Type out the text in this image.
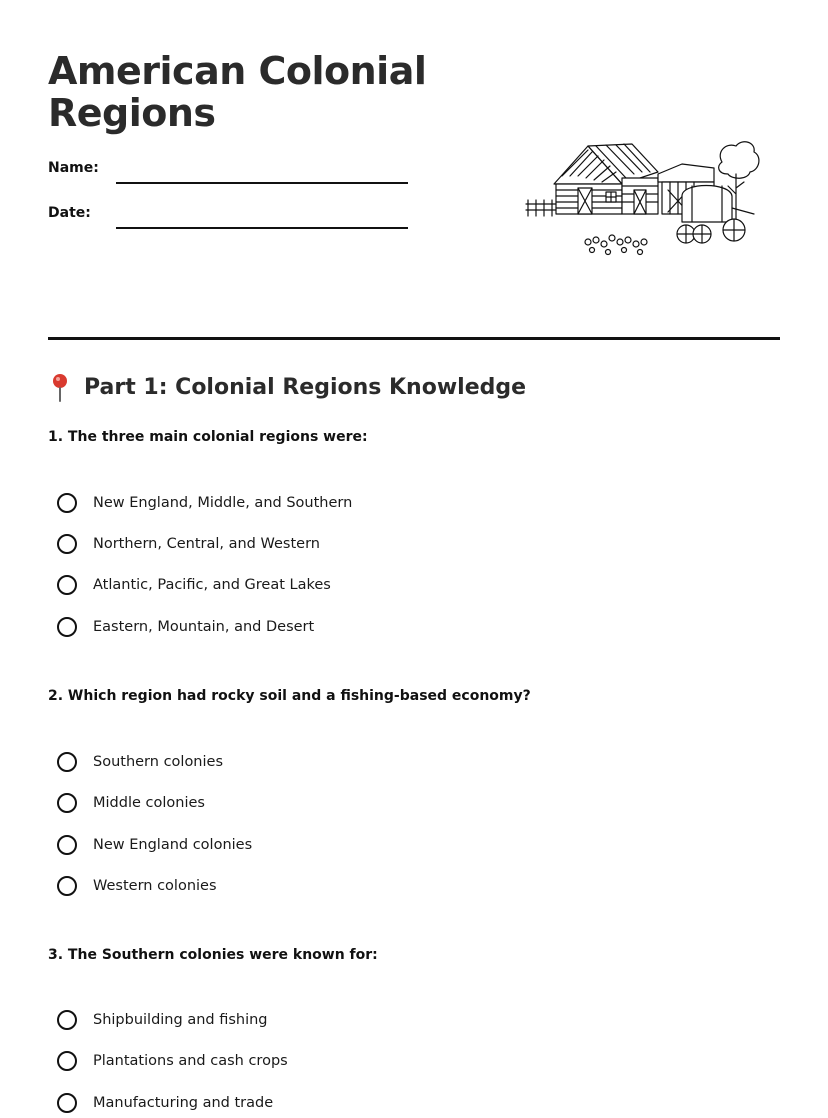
American Colonial
Regions
Name:
Date:
Part 1: Colonial Regions Knowledge

1. The three main colonial regions were:

New England, Middle, and Southern
Northern, Central, and Western
Atlantic, Pacific, and Great Lakes
Eastern, Mountain, and Desert

2. Which region had rocky soil and a fishing-based economy?

Southern colonies
Middle colonies
New England colonies
Western colonies

3. The Southern colonies were known for:

Shipbuilding and fishing
Plantations and cash crops
Manufacturing and trade
